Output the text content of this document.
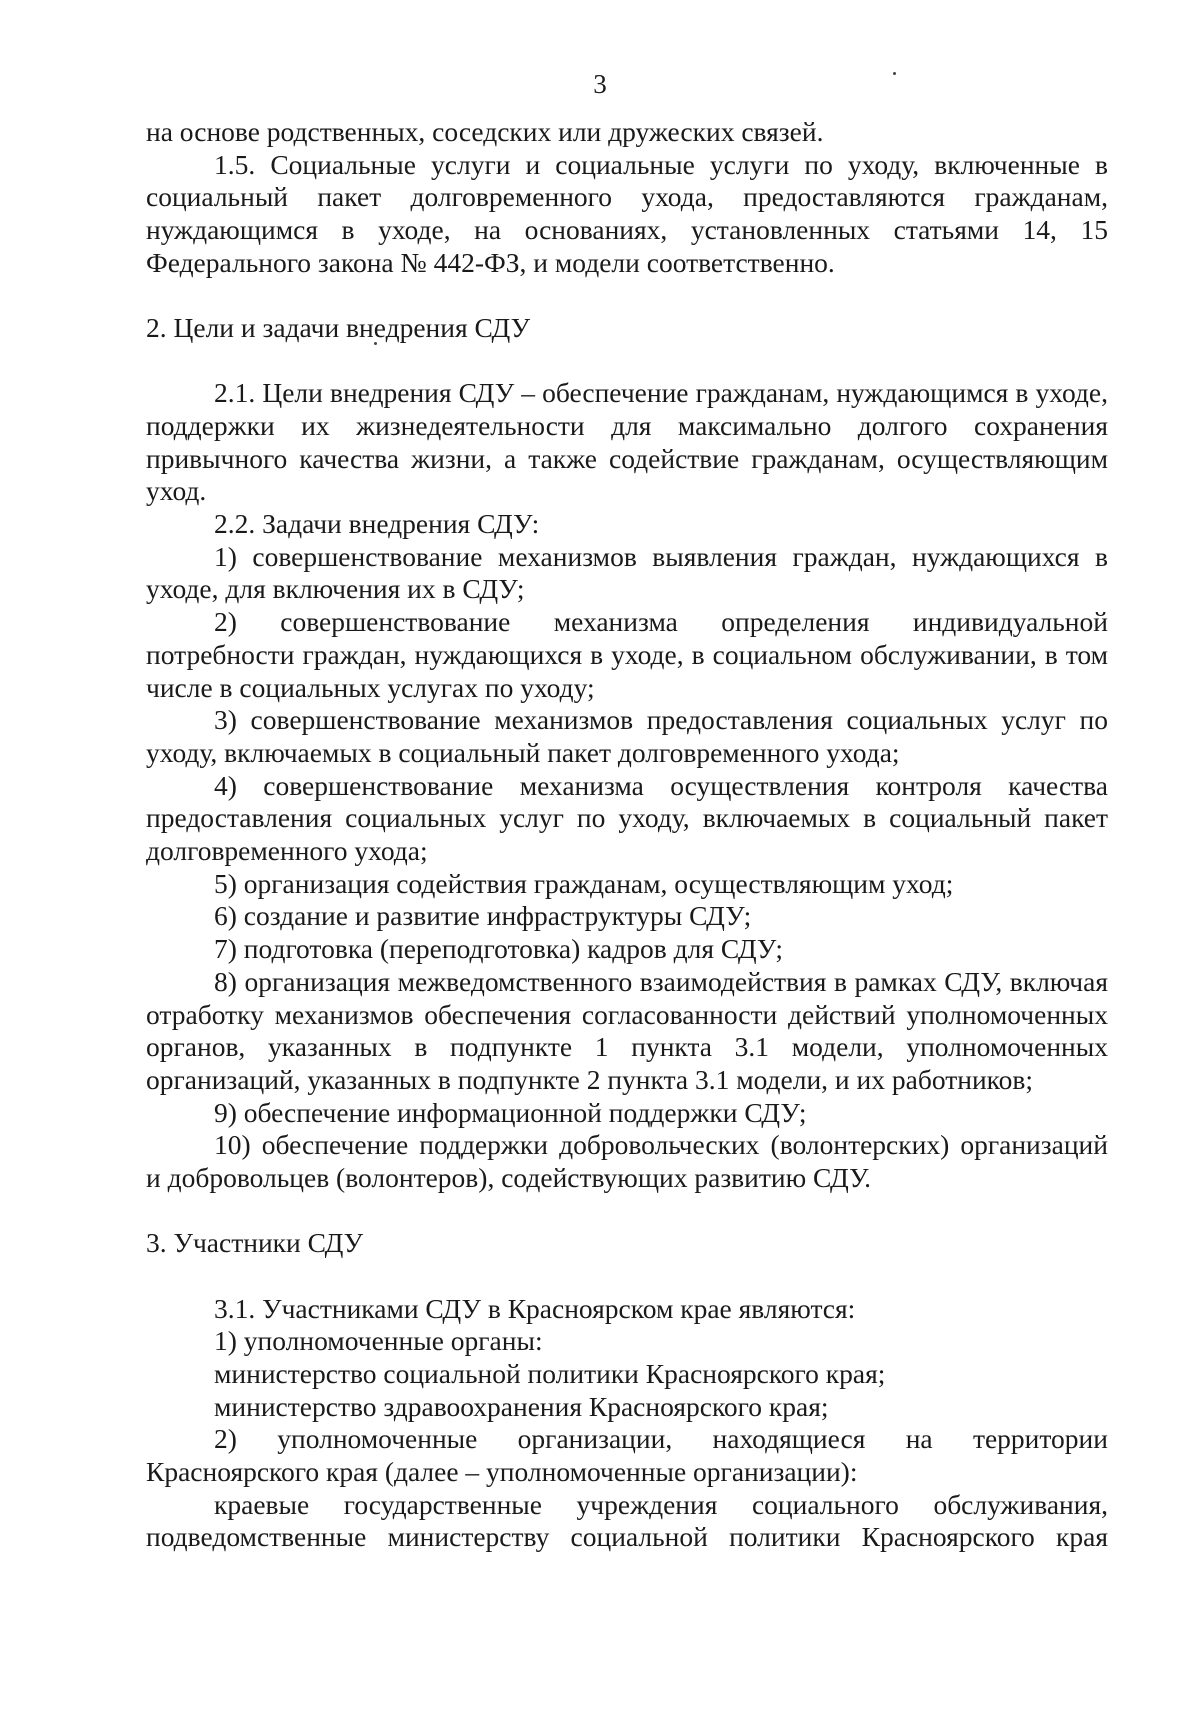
3

на основе родственных, соседских или дружеских связей.

1.5. Социальные услуги и социальные услуги по уходу, включенные в социальный пакет долговременного ухода, предоставляются гражданам, нуждающимся в уходе, на основаниях, установленных статьями 14, 15 Федерального закона № 442-ФЗ, и модели соответственно.

2. Цели и задачи внедрения СДУ

2.1. Цели внедрения СДУ – обеспечение гражданам, нуждающимся в уходе, поддержки их жизнедеятельности для максимально долгого сохранения привычного качества жизни, а также содействие гражданам, осуществляющим уход.

2.2. Задачи внедрения СДУ:

1) совершенствование механизмов выявления граждан, нуждающихся в уходе, для включения их в СДУ;

2) совершенствование механизма определения индивидуальной потребности граждан, нуждающихся в уходе, в социальном обслуживании, в том числе в социальных услугах по уходу;

3) совершенствование механизмов предоставления социальных услуг по уходу, включаемых в социальный пакет долговременного ухода;

4) совершенствование механизма осуществления контроля качества предоставления социальных услуг по уходу, включаемых в социальный пакет долговременного ухода;

5) организация содействия гражданам, осуществляющим уход;

6) создание и развитие инфраструктуры СДУ;

7) подготовка (переподготовка) кадров для СДУ;

8) организация межведомственного взаимодействия в рамках СДУ, включая отработку механизмов обеспечения согласованности действий уполномоченных органов, указанных в подпункте 1 пункта 3.1 модели, уполномоченных организаций, указанных в подпункте 2 пункта 3.1 модели, и их работников;

9) обеспечение информационной поддержки СДУ;

10) обеспечение поддержки добровольческих (волонтерских) организаций и добровольцев (волонтеров), содействующих развитию СДУ.

3. Участники СДУ

3.1. Участниками СДУ в Красноярском крае являются:

1) уполномоченные органы:

министерство социальной политики Красноярского края;

министерство здравоохранения Красноярского края;

2) уполномоченные организации, находящиеся на территории Красноярского края (далее – уполномоченные организации):

краевые государственные учреждения социального обслуживания, подведомственные министерству социальной политики Красноярского края
